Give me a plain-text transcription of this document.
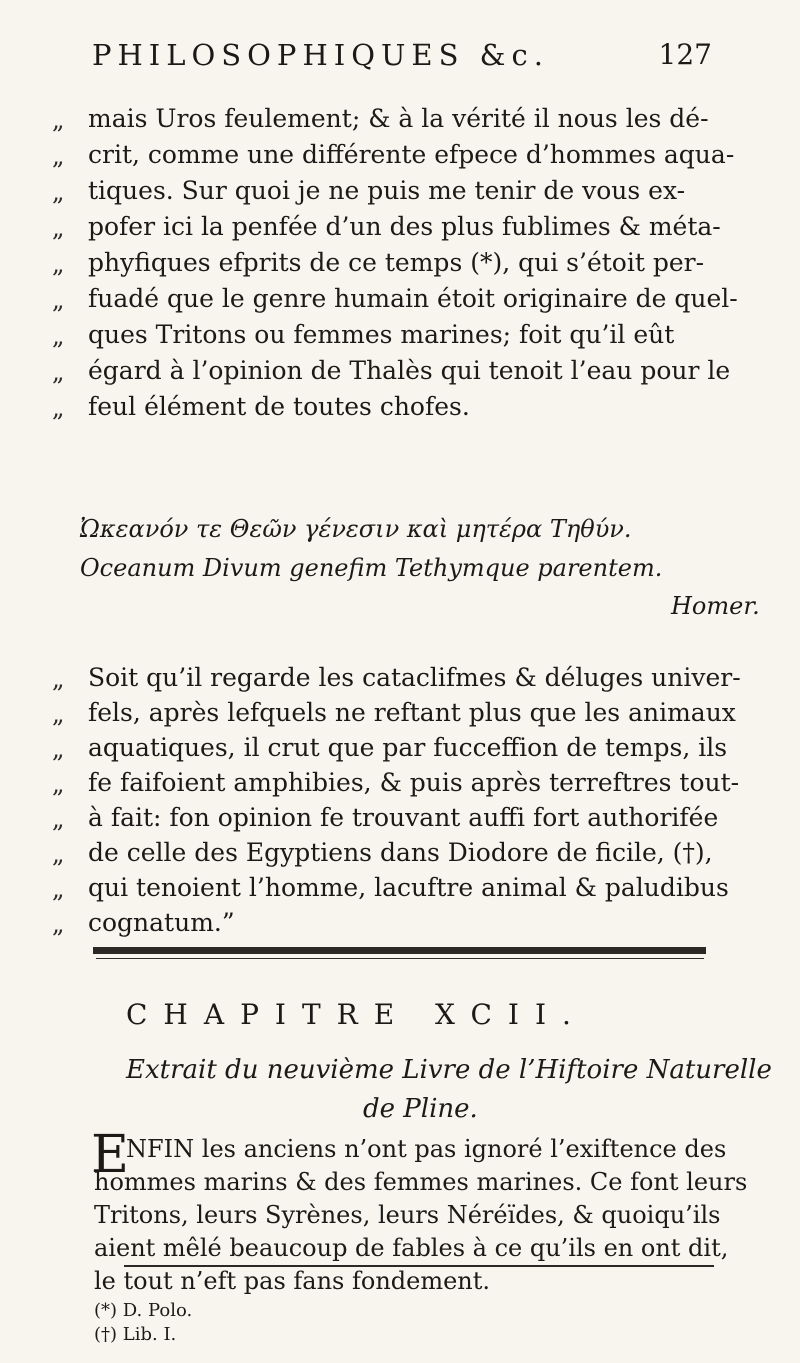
PHILOSOPHIQUES &c.	127
„ mais Uros feulement; & à la vérité il nous les dé-
„ crit, comme une différente efpece d’hommes aqua-
„ tiques. Sur quoi je ne puis me tenir de vous ex-
„ pofer ici la penfée d’un des plus fublimes & méta-
„ phyfiques efprits de ce temps (*), qui s’étoit per-
„ fuadé que le genre humain étoit originaire de quel-
„ ques Tritons ou femmes marines; foit qu’il eût
„ égard à l’opinion de Thalès qui tenoit l’eau pour le
„ feul élément de toutes chofes.
Ὠκεανόν τε Θεῶν γένεσιν καὶ μητέρα Τηθύν.
Oceanum Divum genefim Tethymque parentem.
Homer.
„ Soit qu’il regarde les cataclifmes & déluges univer-
„ fels, après lefquels ne reftant plus que les animaux
„ aquatiques, il crut que par fucceffion de temps, ils
„ fe faifoient amphibies, & puis après terreftres tout-
„ à fait: fon opinion fe trouvant auffi fort authorifée
„ de celle des Egyptiens dans Diodore de ficile, (†),
„ qui tenoient l’homme, lacuftre animal & paludibus
„ cognatum.”
CHAPITRE XCII.
Extrait du neuvième Livre de l’Hiftoire Naturelle
de Pline.
E
NFIN les anciens n’ont pas ignoré l’exiftence des
hommes marins & des femmes marines. Ce font leurs
Tritons, leurs Syrènes, leurs Néréïdes, & quoiqu’ils
aient mêlé beaucoup de fables à ce qu’ils en ont dit,
le tout n’eft pas fans fondement.
(*) D. Polo.
(†) Lib. I.
